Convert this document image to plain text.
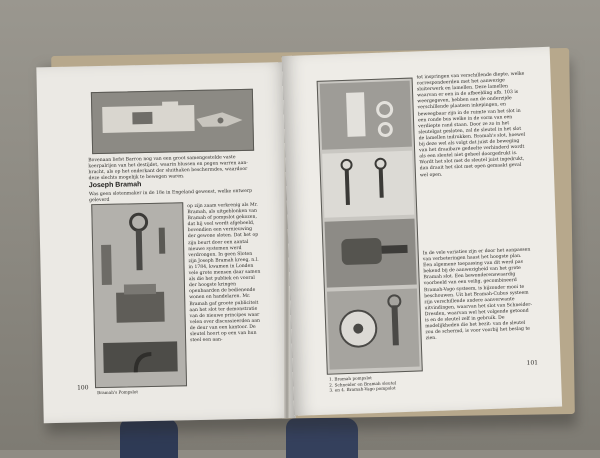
Bovenaan liefst Barron nog van een groot samengestelde vaste keerpalrijen van het destijdet, waarin blussen en pegen warren aan- bracht, als op het onderkant der sluithaken beschermdes, waardoor deze slechts mogelijk te bewegen waren.
Joseph Bramah
Was geen slotenmaker in de 18e in Engeland geweest, welke ontwerp geleverd
op zijn zaam verkrenig als Mr. Bramah, als uitgeblonken van Bramah of pompslot gekozen, dat hij veel wordt afgebeeld, bovendien een vernieuwing der gewone sloten. Dat het op zijn beurt door een aantal nieuwe systemen werd verdrongen. In geen Sloten zijn Joseph Bramah kreeg, n.l. in 1784, kwamen in Londen vele grote mensen daar samen als die het publiek en vooral der hoogste kringen openbaarden de bedienende wonen en handelaren. Mr. Bramah gaf groote publiciteit aan het slot ter demonstratie van de nieuwe principes waar velen over discussieerden aan de deur van een kantoor. De sleutel hoort op een van hun steel een aan-
Bramah's Pompslot
100
tot inspringen van verschillende diepte, welke correspondeerden met het aanwezige sluiterwerk en lamellen. Deze lamellen waarvan er een in de afbeelding afb. 103 is weergegeven, hebben aan de onderzijde verschillende plaatsen inkepingen, en beweegbaar zijn in de ruimte van het slot in een ronde bus welke in de vorm van een verdiepte rand staan. Door ze zo in het sleutelgat gesloten, zal de sleutel in het slot de lamellen indrukken. Bramah's slot, hoewel bij deze wel als volgt dat juist de beweging van het draaibare gedeelte verhinderd wordt als een sleutel niet geheel doorgedrukt is. Wordt het slot met de sleutel juist ingedrukt, dan draait het slot met open gemaakt geval wel open.
In de vele variaties zijn er door het aanpassen van verbeteringen haast het hoogste plan. Een algemene toepassing van dit werd pas bekend bij de aanwezigheid van het grote Bramah slot. Een bewonderenswaardig voorbeeld van een veilig, gecombineerd Bramah-Vago systeem, is bijzonder mooi te beschouwen. Uit het Bramah-Cubus systeem zijn verschillende andere aanverwante uitvindingen, waarvan het slot van Schneider-Dresden, waarvan wel het volgende getoond is en de sleutel zelf in gebruik. De modelijkheden die het bezit: van de sleutel zou de schermd, is voor voorbij het beslag te zien.
1. Bramah pompslot
2. Schneider en Bramah sleutel
3. en 4. Bramah-Vago pompslot
101
